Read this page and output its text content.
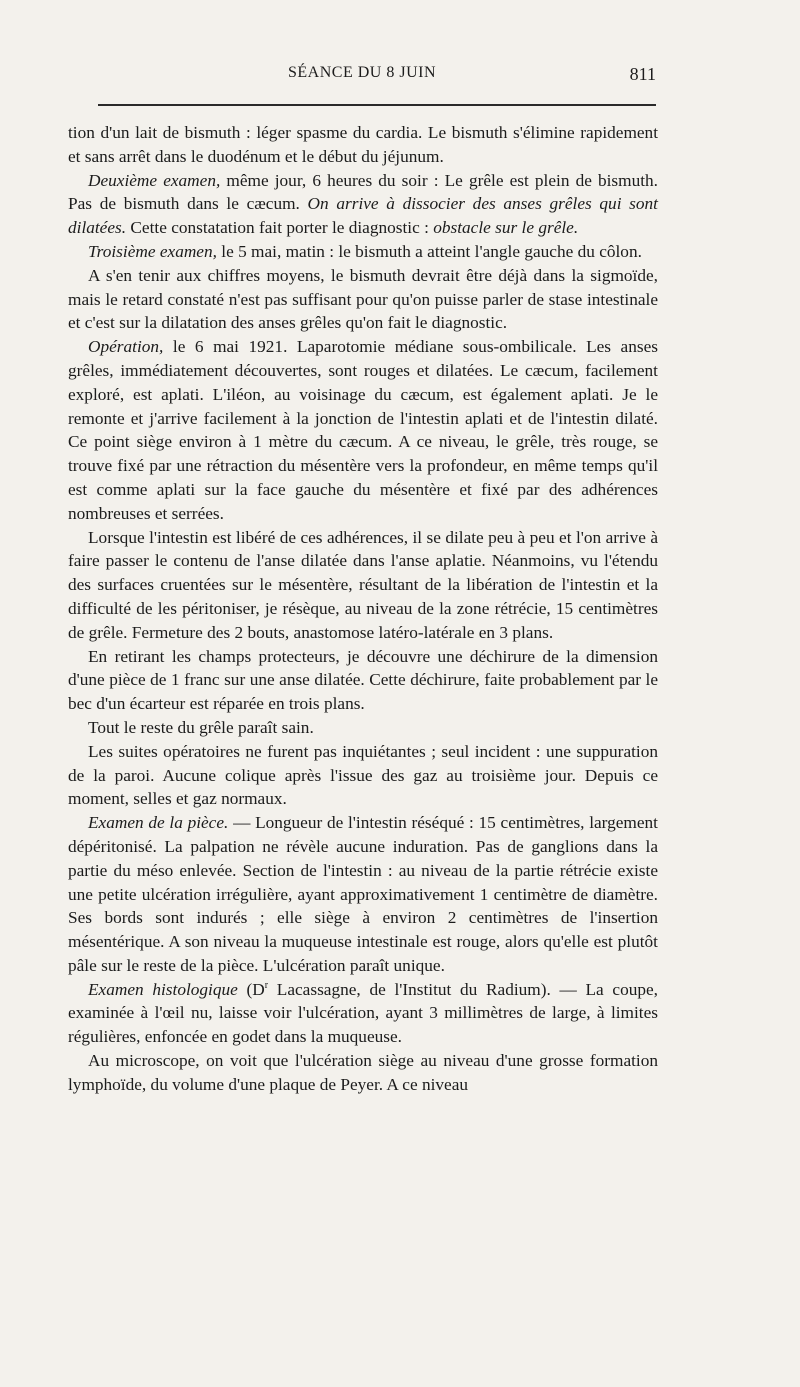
SÉANCE DU 8 JUIN	811

tion d'un lait de bismuth : léger spasme du cardia. Le bismuth s'élimine rapidement et sans arrêt dans le duodénum et le début du jéjunum.

Deuxième examen, même jour, 6 heures du soir : Le grêle est plein de bismuth. Pas de bismuth dans le cæcum. On arrive à dissocier des anses grêles qui sont dilatées. Cette constatation fait porter le diagnostic : obstacle sur le grêle.

Troisième examen, le 5 mai, matin : le bismuth a atteint l'angle gauche du côlon.

A s'en tenir aux chiffres moyens, le bismuth devrait être déjà dans la sigmoïde, mais le retard constaté n'est pas suffisant pour qu'on puisse parler de stase intestinale et c'est sur la dilatation des anses grêles qu'on fait le diagnostic.

Opération, le 6 mai 1921. Laparotomie médiane sous-ombilicale. Les anses grêles, immédiatement découvertes, sont rouges et dilatées. Le cæcum, facilement exploré, est aplati. L'iléon, au voisinage du cæcum, est également aplati. Je le remonte et j'arrive facilement à la jonction de l'intestin aplati et de l'intestin dilaté. Ce point siège environ à 1 mètre du cæcum. A ce niveau, le grêle, très rouge, se trouve fixé par une rétraction du mésentère vers la profondeur, en même temps qu'il est comme aplati sur la face gauche du mésentère et fixé par des adhérences nombreuses et serrées.

Lorsque l'intestin est libéré de ces adhérences, il se dilate peu à peu et l'on arrive à faire passer le contenu de l'anse dilatée dans l'anse aplatie. Néanmoins, vu l'étendu des surfaces cruentées sur le mésentère, résultant de la libération de l'intestin et la difficulté de les péritoniser, je résèque, au niveau de la zone rétrécie, 15 centimètres de grêle. Fermeture des 2 bouts, anastomose latéro-latérale en 3 plans.

En retirant les champs protecteurs, je découvre une déchirure de la dimension d'une pièce de 1 franc sur une anse dilatée. Cette déchirure, faite probablement par le bec d'un écarteur est réparée en trois plans.

Tout le reste du grêle paraît sain.

Les suites opératoires ne furent pas inquiétantes ; seul incident : une suppuration de la paroi. Aucune colique après l'issue des gaz au troisième jour. Depuis ce moment, selles et gaz normaux.

Examen de la pièce. — Longueur de l'intestin réséqué : 15 centimètres, largement dépéritonisé. La palpation ne révèle aucune induration. Pas de ganglions dans la partie du méso enlevée. Section de l'intestin : au niveau de la partie rétrécie existe une petite ulcération irrégulière, ayant approximativement 1 centimètre de diamètre. Ses bords sont indurés ; elle siège à environ 2 centimètres de l'insertion mésentérique. A son niveau la muqueuse intestinale est rouge, alors qu'elle est plutôt pâle sur le reste de la pièce. L'ulcération paraît unique.

Examen histologique ($D^r$ Lacassagne, de l'Institut du Radium). — La coupe, examinée à l'œil nu, laisse voir l'ulcération, ayant 3 millimètres de large, à limites régulières, enfoncée en godet dans la muqueuse.

Au microscope, on voit que l'ulcération siège au niveau d'une grosse formation lymphoïde, du volume d'une plaque de Peyer. A ce niveau
